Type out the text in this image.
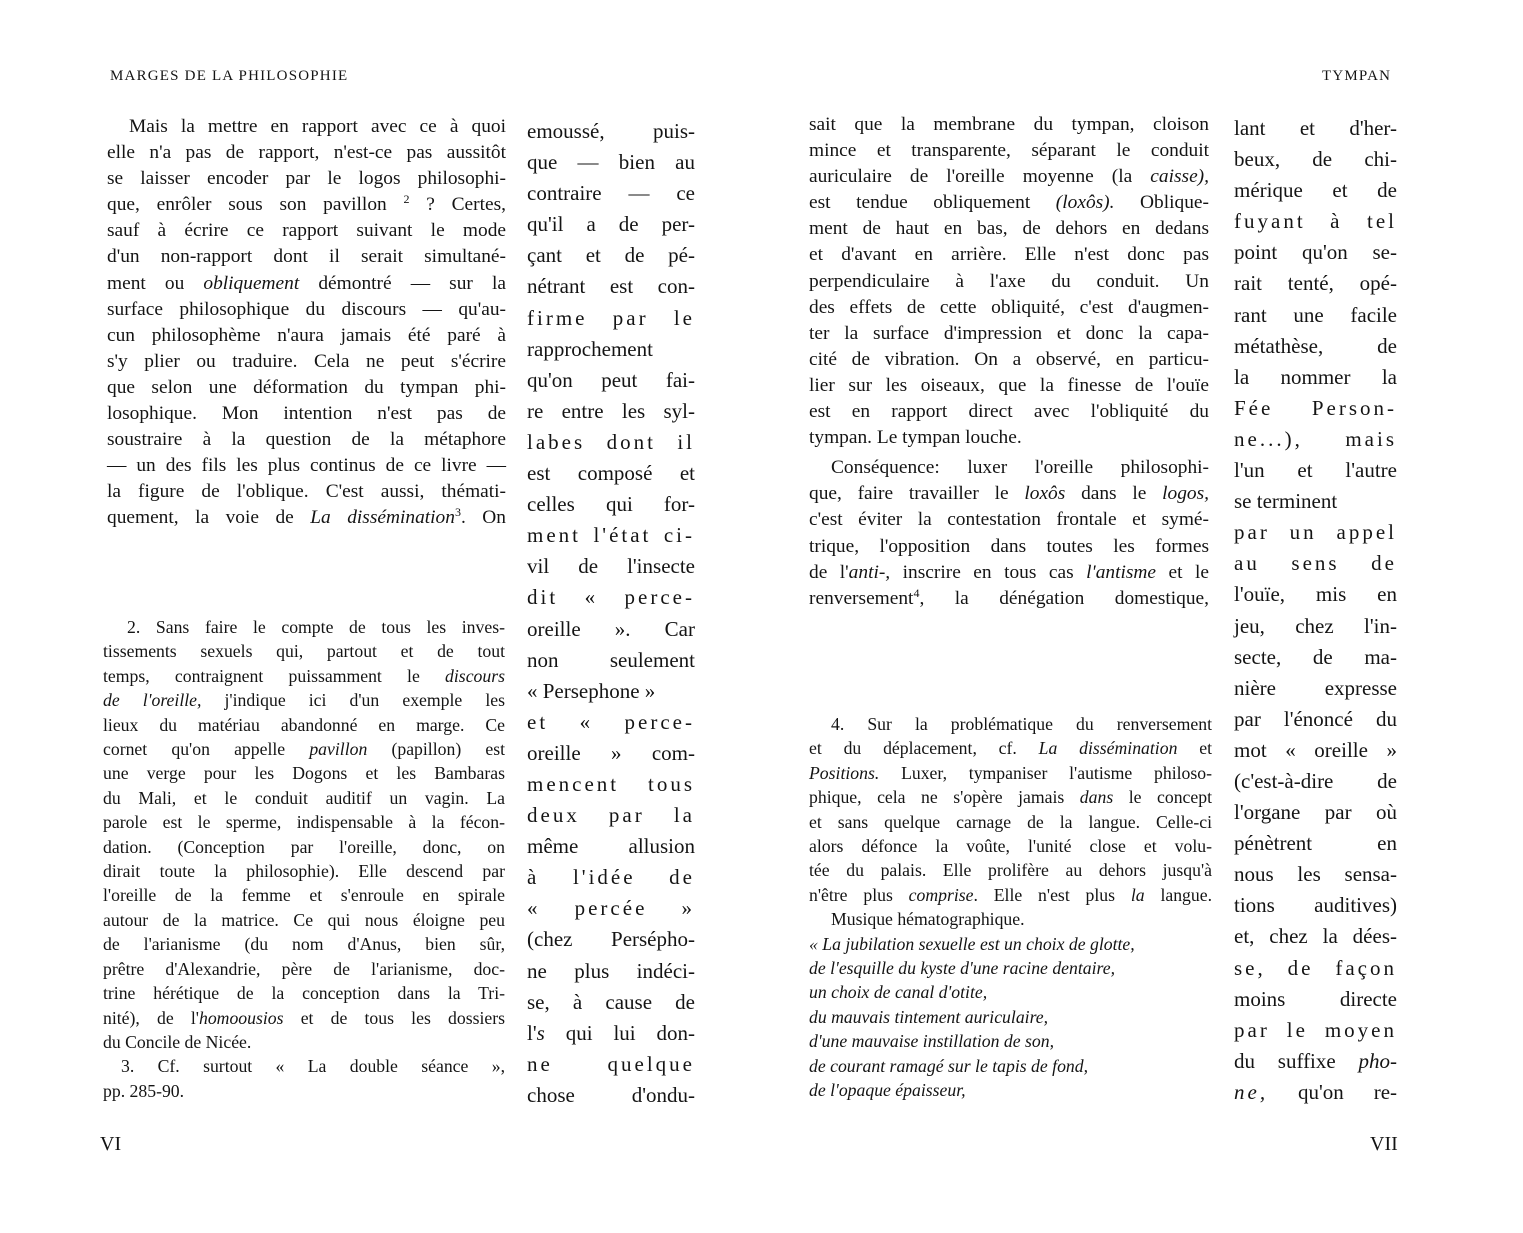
MARGES DE LA PHILOSOPHIE	TYMPAN
Mais la mettre en rapport avec ce à quoi
elle n'a pas de rapport, n'est-ce pas aussitôt
se laisser encoder par le logos philosophi-
que, enrôler sous son pavillon $^2$ ? Certes,
sauf à écrire ce rapport suivant le mode
d'un non-rapport dont il serait simultané-
ment ou obliquement démontré — sur la
surface philosophique du discours — qu'au-
cun philosophème n'aura jamais été paré à
s'y plier ou traduire. Cela ne peut s'écrire
que selon une déformation du tympan phi-
losophique. Mon intention n'est pas de
soustraire à la question de la métaphore
— un des fils les plus continus de ce livre —
la figure de l'oblique. C'est aussi, thémati-
quement, la voie de La dissémination$^3$. On
2. Sans faire le compte de tous les inves-
tissements sexuels qui, partout et de tout
temps, contraignent puissamment le discours
de l'oreille, j'indique ici d'un exemple les
lieux du matériau abandonné en marge. Ce
cornet qu'on appelle pavillon (papillon) est
une verge pour les Dogons et les Bambaras
du Mali, et le conduit auditif un vagin. La
parole est le sperme, indispensable à la fécon-
dation. (Conception par l'oreille, donc, on
dirait toute la philosophie). Elle descend par
l'oreille de la femme et s'enroule en spirale
autour de la matrice. Ce qui nous éloigne peu
de l'arianisme (du nom d'Anus, bien sûr,
prêtre d'Alexandrie, père de l'arianisme, doc-
trine hérétique de la conception dans la Tri-
nité), de l'homoousios et de tous les dossiers
du Concile de Nicée.
3. Cf. surtout « La double séance »,
pp. 285-90.
emoussé, puis-
que — bien au
contraire — ce
qu'il a de per-
çant et de pé-
nétrant est con-
firme par le
rapprochement
qu'on peut fai-
re entre les syl-
labes dont il
est composé et
celles qui for-
ment l'état ci-
vil de l'insecte
dit « perce-
oreille ». Car
non seulement
« Persephone »
et « perce-
oreille » com-
mencent tous
deux par la
même allusion
à l'idée de
« percée »
(chez Perséphо-
ne plus indéci-
se, à cause de
l's qui lui don-
ne quelque
chose d'ondu-
VI
sait que la membrane du tympan, cloison
mince et transparente, séparant le conduit
auriculaire de l'oreille moyenne (la caisse),
est tendue obliquement (loxôs). Oblique-
ment de haut en bas, de dehors en dedans
et d'avant en arrière. Elle n'est donc pas
perpendiculaire à l'axe du conduit. Un
des effets de cette obliquité, c'est d'augmen-
ter la surface d'impression et donc la capa-
cité de vibration. On a observé, en particu-
lier sur les oiseaux, que la finesse de l'ouïe
est en rapport direct avec l'obliquité du
tympan. Le tympan louche.
Conséquence: luxer l'oreille philosophi-
que, faire travailler le loxôs dans le logos,
c'est éviter la contestation frontale et symé-
trique, l'opposition dans toutes les formes
de l'anti-, inscrire en tous cas l'antisme et le
renversement$^4$, la dénégation domestique,
4. Sur la problématique du renversement
et du déplacement, cf. La dissémination et
Positions. Luxer, tympaniser l'autisme philoso-
phique, cela ne s'opère jamais dans le concept
et sans quelque carnage de la langue. Celle-ci
alors défonce la voûte, l'unité close et volu-
tée du palais. Elle prolifère au dehors jusqu'à
n'être plus comprise. Elle n'est plus la langue.
Musique hématographique.
« La jubilation sexuelle est un choix de glotte,
de l'esquille du kyste d'une racine dentaire,
un choix de canal d'otite,
du mauvais tintement auriculaire,
d'une mauvaise instillation de son,
de courant ramagé sur le tapis de fond,
de l'opaque épaisseur,
lant et d'her-
beux, de chi-
mérique et de
fuyant à tel
point qu'on se-
rait tenté, opé-
rant une facile
métathèse, de
la nommer la
Fée Person-
ne...), mais
l'un et l'autre
se terminent
par un appel
au sens de
l'ouïe, mis en
jeu, chez l'in-
secte, de ma-
nière expresse
par l'énoncé du
mot « oreille »
(c'est-à-dire de
l'organe par où
pénètrent en
nous les sensa-
tions auditives)
et, chez la dées-
se, de façon
moins directe
par le moyen
du suffixe pho-
ne, qu'on re-
VII
